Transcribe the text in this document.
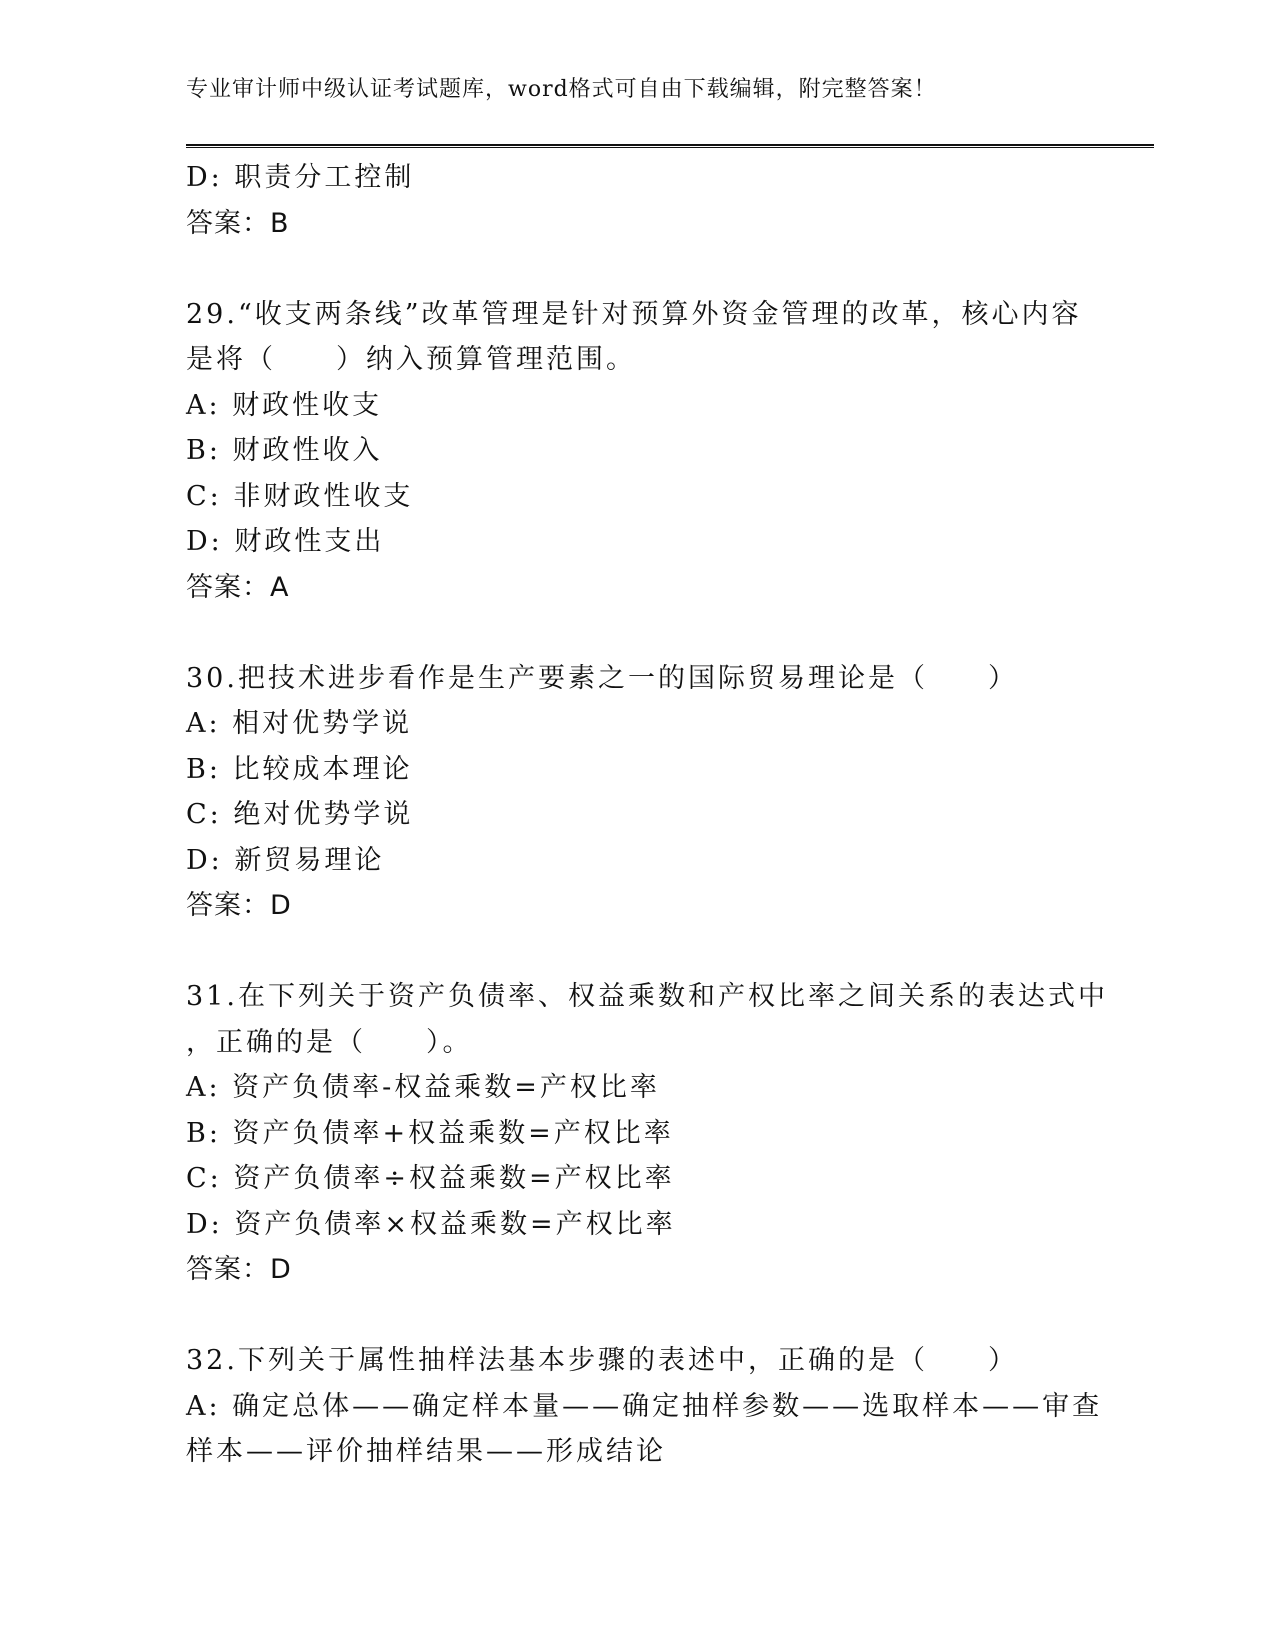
专业审计师中级认证考试题库，word格式可自由下载编辑，附完整答案！
D: 职责分工控制
答案：B
29.“收支两条线”改革管理是针对预算外资金管理的改革，核心内容
是将（　　）纳入预算管理范围。
A: 财政性收支
B: 财政性收入
C: 非财政性收支
D: 财政性支出
答案：A
30.把技术进步看作是生产要素之一的国际贸易理论是（　　）
A: 相对优势学说
B: 比较成本理论
C: 绝对优势学说
D: 新贸易理论
答案：D
31.在下列关于资产负债率、权益乘数和产权比率之间关系的表达式中
，正确的是（　　）。
A: 资产负债率-权益乘数=产权比率
B: 资产负债率+权益乘数=产权比率
C: 资产负债率÷权益乘数=产权比率
D: 资产负债率×权益乘数=产权比率
答案：D
32.下列关于属性抽样法基本步骤的表述中，正确的是（　　）
A: 确定总体——确定样本量——确定抽样参数——选取样本——审查
样本——评价抽样结果——形成结论
